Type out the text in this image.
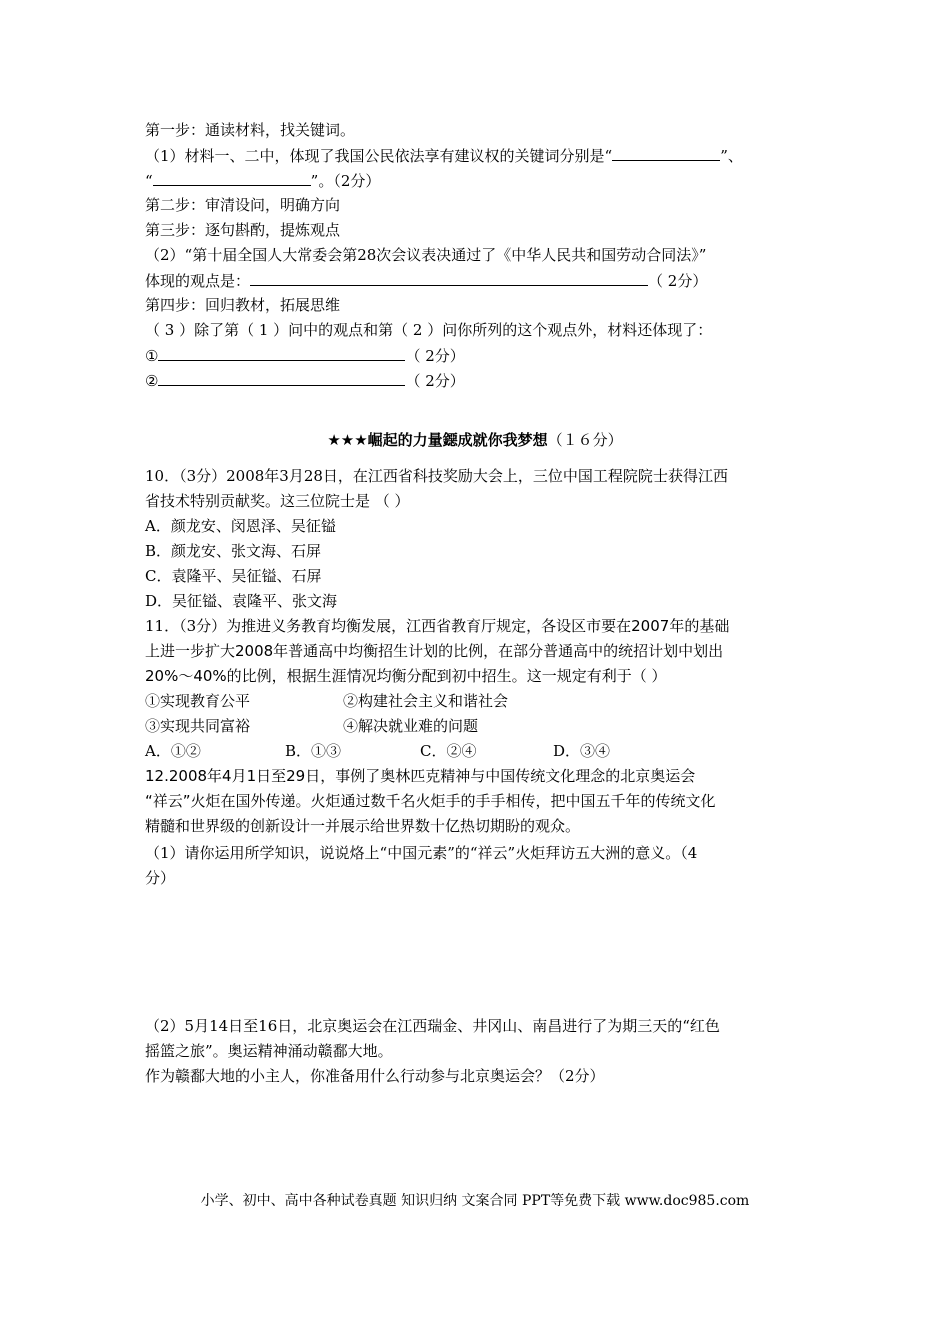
第一步：通读材料，找关键词。
（1）材料一、二中，体现了我国公民依法享有建议权的关键词分别是“	”、
“	”。（2分）
第二步：审清设问，明确方向
第三步：逐句斟酌，提炼观点
（2）“第十届全国人大常委会第28次会议表决通过了《中华人民共和国劳动合同法》”
体现的观点是：	（ 2分）
第四步：回归教材，拓展思维
（ 3 ）除了第（ 1 ）问中的观点和第（ 2 ）问你所列的这个观点外，材料还体现了：
①	（ 2分）
②	（ 2分）
★★★崛起的力量鐚成就你我梦想（１６分）
10．（3分）2008年3月28日，在江西省科技奖励大会上，三位中国工程院院士获得江西
省技术特别贡献奖。这三位院士是 （ ）
A．颜龙安、闵恩泽、吴征镒
B．颜龙安、张文海、石屏
C．袁隆平、吴征镒、石屏
D．吴征镒、袁隆平、张文海
11．（3分）为推进义务教育均衡发展，江西省教育厅规定，各设区市要在2007年的基础
上进一步扩大2008年普通高中均衡招生计划的比例，在部分普通高中的统招计划中划出
20%～40%的比例，根据生涯情况均衡分配到初中招生。这一规定有利于（ ）
①实现教育公平	②构建社会主义和谐社会
③实现共同富裕	④解决就业难的问题
A．①②	B．①③	C．②④	D．③④
12.2008年4月1日至29日，事例了奥林匹克精神与中国传统文化理念的北京奥运会
“祥云”火炬在国外传递。火炬通过数千名火炬手的手手相传，把中国五千年的传统文化
精髓和世界级的创新设计一并展示给世界数十亿热切期盼的观众。
（1）请你运用所学知识，说说烙上“中国元素”的“祥云”火炬拜访五大洲的意义。（4
分）
（2）5月14日至16日，北京奥运会在江西瑞金、井冈山、南昌进行了为期三天的“红色
摇篮之旅”。奥运精神涌动赣鄱大地。
作为赣鄱大地的小主人，你准备用什么行动参与北京奥运会？（2分）
小学、初中、高中各种试卷真题 知识归纳 文案合同 PPT等免费下载 www.doc985.com
